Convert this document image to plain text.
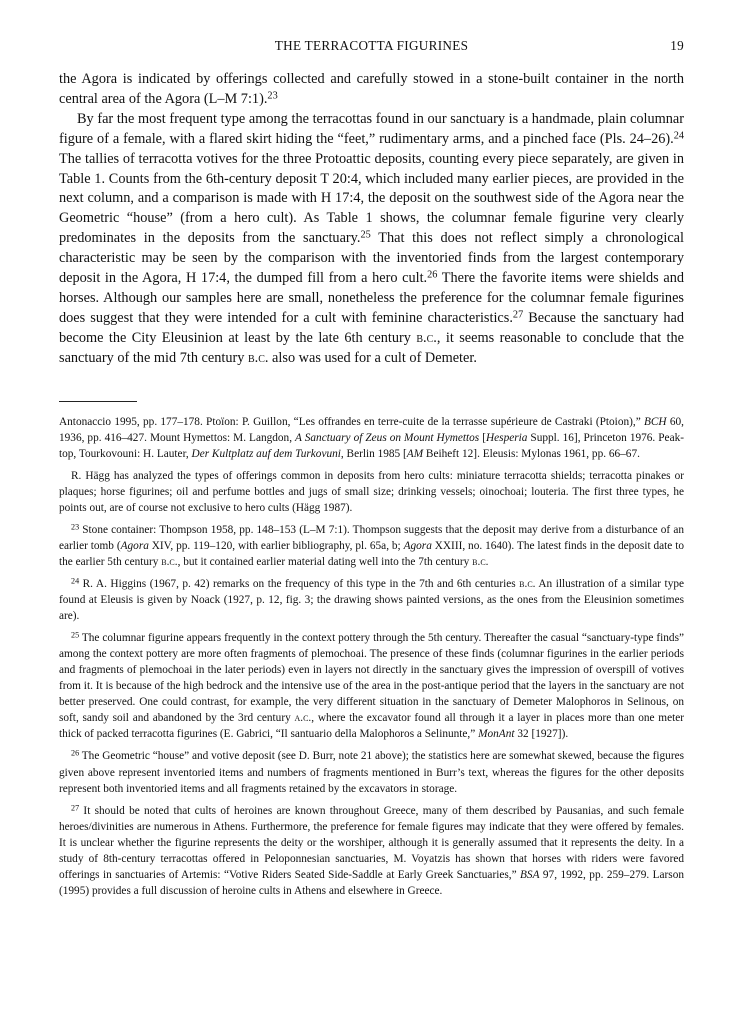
THE TERRACOTTA FIGURINES	19

the Agora is indicated by offerings collected and carefully stowed in a stone-built container in the north central area of the Agora (L–M 7:1).$^{23}$

By far the most frequent type among the terracottas found in our sanctuary is a handmade, plain columnar figure of a female, with a flared skirt hiding the “feet,” rudimentary arms, and a pinched face (Pls. 24–26).$^{24}$ The tallies of terracotta votives for the three Protoattic deposits, counting every piece separately, are given in Table 1. Counts from the 6th-century deposit T 20:4, which included many earlier pieces, are provided in the next column, and a comparison is made with H 17:4, the deposit on the southwest side of the Agora near the Geometric “house” (from a hero cult). As Table 1 shows, the columnar female figurine very clearly predominates in the deposits from the sanctuary.$^{25}$ That this does not reflect simply a chronological characteristic may be seen by the comparison with the inventoried finds from the largest contemporary deposit in the Agora, H 17:4, the dumped fill from a hero cult.$^{26}$ There the favorite items were shields and horses. Although our samples here are small, nonetheless the preference for the columnar female figurines does suggest that they were intended for a cult with feminine characteristics.$^{27}$ Because the sanctuary had become the City Eleusinion at least by the late 6th century b.c., it seems reasonable to conclude that the sanctuary of the mid 7th century b.c. also was used for a cult of Demeter.

Antonaccio 1995, pp. 177–178. Ptoïon: P. Guillon, “Les offrandes en terre-cuite de la terrasse supérieure de Castraki (Ptoion),” BCH 60, 1936, pp. 416–427. Mount Hymettos: M. Langdon, A Sanctuary of Zeus on Mount Hymettos [Hesperia Suppl. 16], Princeton 1976. Peak-top, Tourkovouni: H. Lauter, Der Kultplatz auf dem Turkovuni, Berlin 1985 [AM Beiheft 12]. Eleusis: Mylonas 1961, pp. 66–67.

R. Hägg has analyzed the types of offerings common in deposits from hero cults: miniature terracotta shields; terracotta pinakes or plaques; horse figurines; oil and perfume bottles and jugs of small size; drinking vessels; oinochoai; louteria. The first three types, he points out, are of course not exclusive to hero cults (Hägg 1987).

$^{23}$ Stone container: Thompson 1958, pp. 148–153 (L–M 7:1). Thompson suggests that the deposit may derive from a disturbance of an earlier tomb (Agora XIV, pp. 119–120, with earlier bibliography, pl. 65a, b; Agora XXIII, no. 1640). The latest finds in the deposit date to the earlier 5th century b.c., but it contained earlier material dating well into the 7th century b.c.

$^{24}$ R. A. Higgins (1967, p. 42) remarks on the frequency of this type in the 7th and 6th centuries b.c. An illustration of a similar type found at Eleusis is given by Noack (1927, p. 12, fig. 3; the drawing shows painted versions, as the ones from the Eleusinion sometimes are).

$^{25}$ The columnar figurine appears frequently in the context pottery through the 5th century. Thereafter the casual “sanctuary-type finds” among the context pottery are more often fragments of plemochoai. The presence of these finds (columnar figurines in the earlier periods and fragments of plemochoai in the later periods) even in layers not directly in the sanctuary gives the impression of overspill of votives from it. It is because of the high bedrock and the intensive use of the area in the post-antique period that the layers in the sanctuary are not better preserved. One could contrast, for example, the very different situation in the sanctuary of Demeter Malophoros in Selinous, on soft, sandy soil and abandoned by the 3rd century a.c., where the excavator found all through it a layer in places more than one meter thick of packed terracotta figurines (E. Gabrici, “Il santuario della Malophoros a Selinunte,” MonAnt 32 [1927]).

$^{26}$ The Geometric “house” and votive deposit (see D. Burr, note 21 above); the statistics here are somewhat skewed, because the figures given above represent inventoried items and numbers of fragments mentioned in Burr’s text, whereas the figures for the other deposits represent both inventoried items and all fragments retained by the excavators in storage.

$^{27}$ It should be noted that cults of heroines are known throughout Greece, many of them described by Pausanias, and such female heroes/divinities are numerous in Athens. Furthermore, the preference for female figures may indicate that they were offered by females. It is unclear whether the figurine represents the deity or the worshiper, although it is generally assumed that it represents the deity. In a study of 8th-century terracottas offered in Peloponnesian sanctuaries, M. Voyatzis has shown that horses with riders were favored offerings in sanctuaries of Artemis: “Votive Riders Seated Side-Saddle at Early Greek Sanctuaries,” BSA 97, 1992, pp. 259–279. Larson (1995) provides a full discussion of heroine cults in Athens and elsewhere in Greece.
